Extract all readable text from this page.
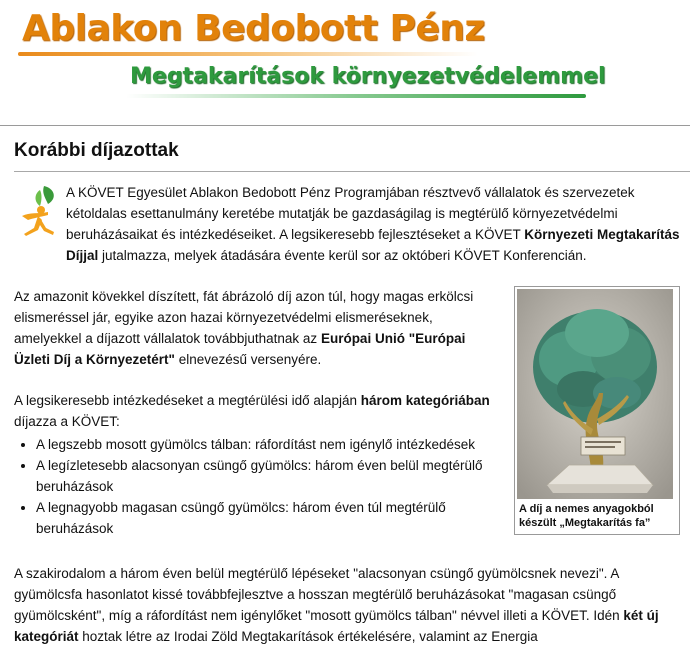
Ablakon Bedobott Pénz
Megtakarítások környezetvédelemmel
Korábbi díjazottak

A KÖVET Egyesület Ablakon Bedobott Pénz Programjában résztvevő vállalatok és szervezetek kétoldalas esettanulmány keretébe mutatják be gazdaságilag is megtérülő környezetvédelmi beruházásaikat és intézkedéseiket. A legsikeresebb fejlesztéseket a KÖVET Környezeti Megtakarítás Díjjal jutalmazza, melyek átadására évente kerül sor az októberi KÖVET Konferencián.

A díj a nemes anyagokból készült „Megtakarítás fa”

Az amazonit kövekkel díszített, fát ábrázoló díj azon túl, hogy magas erkölcsi elismeréssel jár, egyike azon hazai környezetvédelmi elismeréseknek, amelyekkel a díjazott vállalatok továbbjuthatnak az Európai Unió "Európai Üzleti Díj a Környezetért" elnevezésű versenyére.

A legsikeresebb intézkedéseket a megtérülési idő alapján három kategóriában díjazza a KÖVET:

• A legszebb mosott gyümölcs tálban: ráfordítást nem igénylő intézkedések
• A legízletesebb alacsonyan csüngő gyümölcs: három éven belül megtérülő beruházások
• A legnagyobb magasan csüngő gyümölcs: három éven túl megtérülő beruházások

A szakirodalom a három éven belül megtérülő lépéseket "alacsonyan csüngő gyümölcsnek nevezi". A gyümölcsfa hasonlatot kissé továbbfejlesztve a hosszan megtérülő beruházásokat "magasan csüngő gyümölcsként", míg a ráfordítást nem igénylőket "mosott gyümölcs tálban" névvel illeti a KÖVET. Idén két új kategóriát hoztak létre az Irodai Zöld Megtakarítások értékelésére, valamint az Energia
